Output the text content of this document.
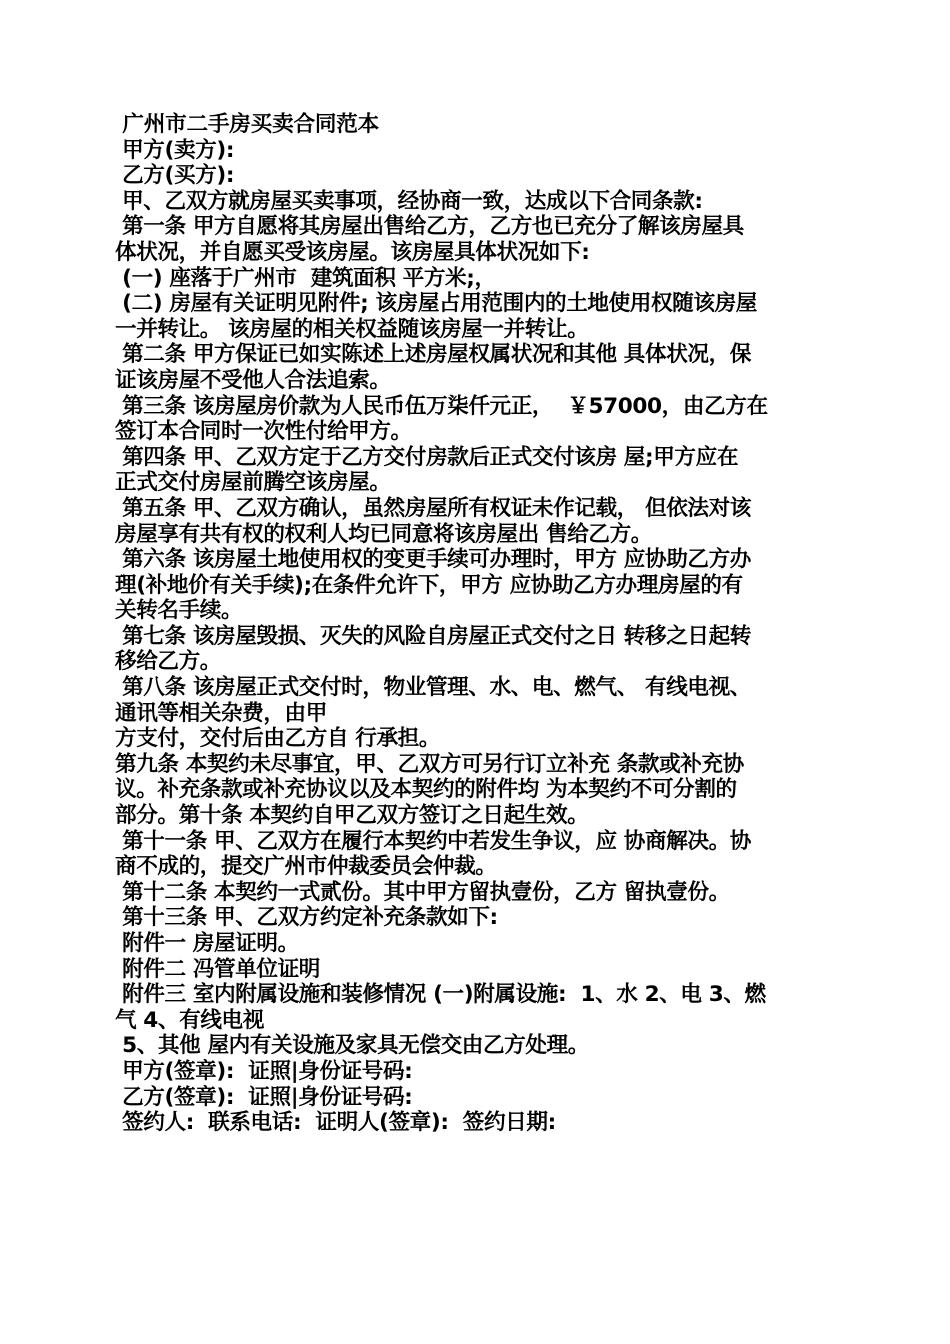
广州市二手房买卖合同范本
甲方(卖方):
乙方(买方):
甲、乙双方就房屋买卖事项，经协商一致，达成以下合同条款:
第一条 甲方自愿将其房屋出售给乙方，乙方也已充分了解该房屋具
体状况，并自愿买受该房屋。该房屋具体状况如下:
(一) 座落于广州市  建筑面积 平方米;，
(二) 房屋有关证明见附件; 该房屋占用范围内的土地使用权随该房屋
一并转让。 该房屋的相关权益随该房屋一并转让。
第二条 甲方保证已如实陈述上述房屋权属状况和其他 具体状况，保
证该房屋不受他人合法追索。
第三条 该房屋房价款为人民币伍万柒仟元正，  ￥57000，由乙方在
签订本合同时一次性付给甲方。
第四条 甲、乙双方定于乙方交付房款后正式交付该房 屋;甲方应在
正式交付房屋前腾空该房屋。
第五条 甲、乙双方确认，虽然房屋所有权证未作记载， 但依法对该
房屋享有共有权的权利人均已同意将该房屋出 售给乙方。
第六条 该房屋土地使用权的变更手续可办理时，甲方 应协助乙方办
理(补地价有关手续);在条件允许下，甲方 应协助乙方办理房屋的有
关转名手续。
第七条 该房屋毁损、灭失的风险自房屋正式交付之日 转移之日起转
移给乙方。
第八条 该房屋正式交付时，物业管理、水、电、燃气、 有线电视、
通讯等相关杂费，由甲
方支付，交付后由乙方自 行承担。
第九条 本契约未尽事宜，甲、乙双方可另行订立补充 条款或补充协
议。补充条款或补充协议以及本契约的附件均 为本契约不可分割的
部分。第十条 本契约自甲乙双方签订之日起生效。
第十一条 甲、乙双方在履行本契约中若发生争议，应 协商解决。协
商不成的，提交广州市仲裁委员会仲裁。
第十二条 本契约一式贰份。其中甲方留执壹份，乙方 留执壹份。
第十三条 甲、乙双方约定补充条款如下:
附件一 房屋证明。
附件二 冯管单位证明
附件三 室内附属设施和装修情况 (一)附属设施:  1、水 2、电 3、燃
气 4、有线电视
5、其他 屋内有关设施及家具无偿交由乙方处理。
甲方(签章):  证照|身份证号码:
乙方(签章):  证照|身份证号码:
签约人:  联系电话:  证明人(签章):  签约日期:
